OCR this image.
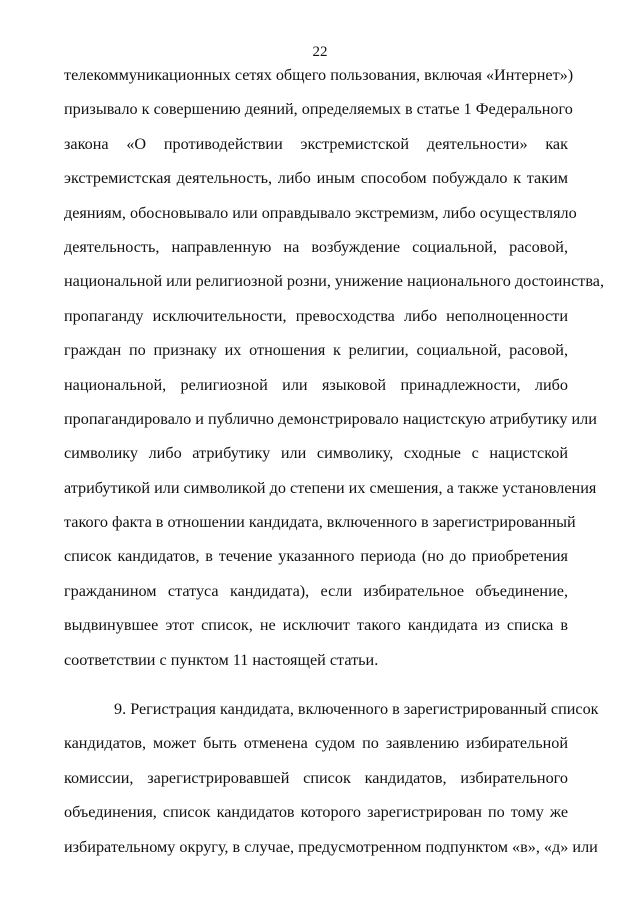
22
телекоммуникационных сетях общего пользования, включая «Интернет»)
призывало к совершению деяний, определяемых в статье 1 Федерального
закона «О противодействии экстремистской деятельности» как
экстремистская деятельность, либо иным способом побуждало к таким
деяниям, обосновывало или оправдывало экстремизм, либо осуществляло
деятельность, направленную на возбуждение социальной, расовой,
национальной или религиозной розни, унижение национального достоинства,
пропаганду исключительности, превосходства либо неполноценности
граждан по признаку их отношения к религии, социальной, расовой,
национальной, религиозной или языковой принадлежности, либо
пропагандировало и публично демонстрировало нацистскую атрибутику или
символику либо атрибутику или символику, сходные с нацистской
атрибутикой или символикой до степени их смешения, а также установления
такого факта в отношении кандидата, включенного в зарегистрированный
список кандидатов, в течение указанного периода (но до приобретения
гражданином статуса кандидата), если избирательное объединение,
выдвинувшее этот список, не исключит такого кандидата из списка в
соответствии с пунктом 11 настоящей статьи.
9. Регистрация кандидата, включенного в зарегистрированный список
кандидатов, может быть отменена судом по заявлению избирательной
комиссии, зарегистрировавшей список кандидатов, избирательного
объединения, список кандидатов которого зарегистрирован по тому же
избирательному округу, в случае, предусмотренном подпунктом «в», «д» или
